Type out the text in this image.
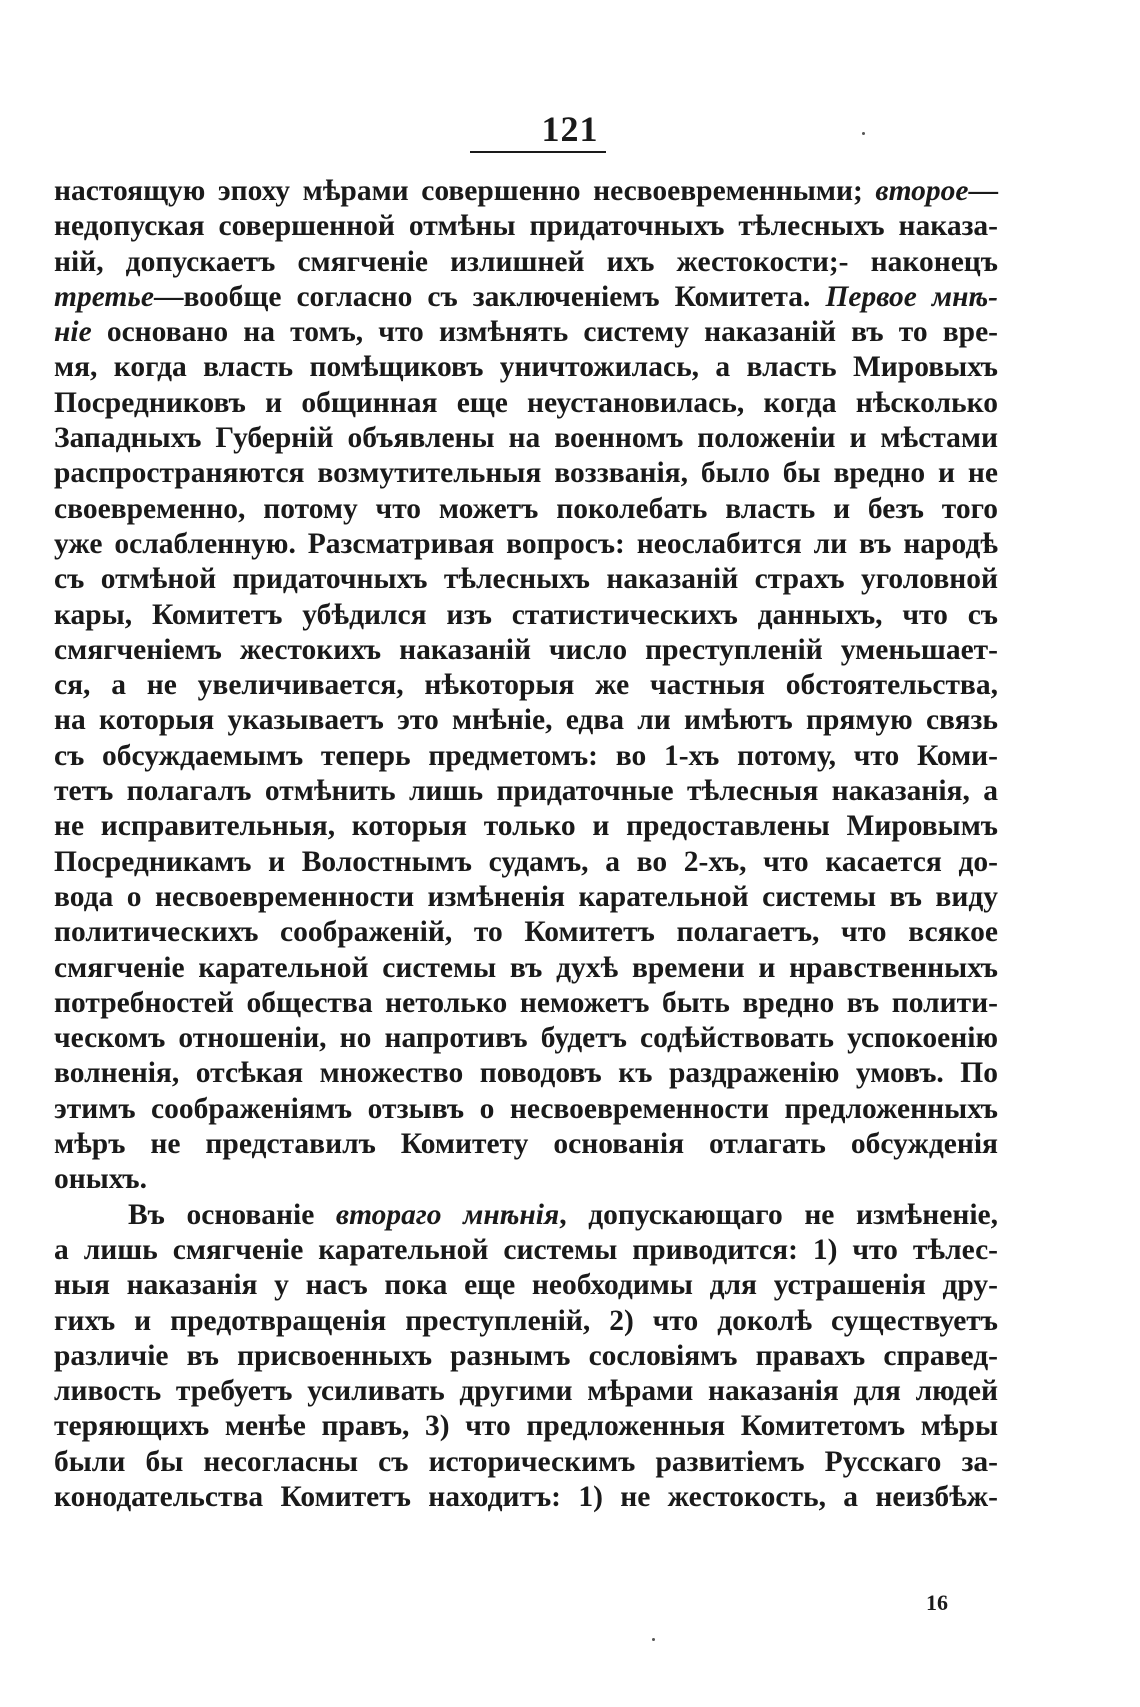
121
настоящую эпоху мѣрами совершенно несвоевременными; второе—
недопуская совершенной отмѣны придаточныхъ тѣлесныхъ наказа-
ній, допускаетъ смягченіе излишней ихъ жестокости;- наконецъ
третье—вообще согласно съ заключеніемъ Комитета. Первое мнѣ-
ніе основано на томъ, что измѣнять систему наказаній въ то вре-
мя, когда власть помѣщиковъ уничтожилась, а власть Мировыхъ
Посредниковъ и общинная еще неустановилась, когда нѣсколько
Западныхъ Губерній объявлены на военномъ положеніи и мѣстами
распространяются возмутительныя воззванія, было бы вредно и не
своевременно, потому что можетъ поколебать власть и безъ того
уже ослабленную. Разсматривая вопросъ: неослабится ли въ народѣ
съ отмѣной придаточныхъ тѣлесныхъ наказаній страхъ уголовной
кары, Комитетъ убѣдился изъ статистическихъ данныхъ, что съ
смягченіемъ жестокихъ наказаній число преступленій уменьшает-
ся, а не увеличивается, нѣкоторыя же частныя обстоятельства,
на которыя указываетъ это мнѣніе, едва ли имѣютъ прямую связь
съ обсуждаемымъ теперь предметомъ: во 1-хъ потому, что Коми-
тетъ полагалъ отмѣнить лишь придаточные тѣлесныя наказанія, а
не исправительныя, которыя только и предоставлены Мировымъ
Посредникамъ и Волостнымъ судамъ, а во 2-хъ, что касается до-
вода о несвоевременности измѣненія карательной системы въ виду
политическихъ соображеній, то Комитетъ полагаетъ, что всякое
смягченіе карательной системы въ духѣ времени и нравственныхъ
потребностей общества нетолько неможетъ быть вредно въ полити-
ческомъ отношеніи, но напротивъ будетъ содѣйствовать успокоенію
волненія, отсѣкая множество поводовъ къ раздраженію умовъ. По
этимъ соображеніямъ отзывъ о несвоевременности предложенныхъ
мѣръ не представилъ Комитету основанія отлагать обсужденія
оныхъ.
Въ основаніе втораго мнѣнія, допускающаго не измѣненіе,
а лишь смягченіе карательной системы приводится: 1) что тѣлес-
ныя наказанія у насъ пока еще необходимы для устрашенія дру-
гихъ и предотвращенія преступленій, 2) что доколѣ существуетъ
различіе въ присвоенныхъ разнымъ сословіямъ правахъ справед-
ливость требуетъ усиливать другими мѣрами наказанія для людей
теряющихъ менѣе правъ, 3) что предложенныя Комитетомъ мѣры
были бы несогласны съ историческимъ развитіемъ Русскаго за-
конодательства Комитетъ находитъ: 1) не жестокость, а неизбѣж-
16
